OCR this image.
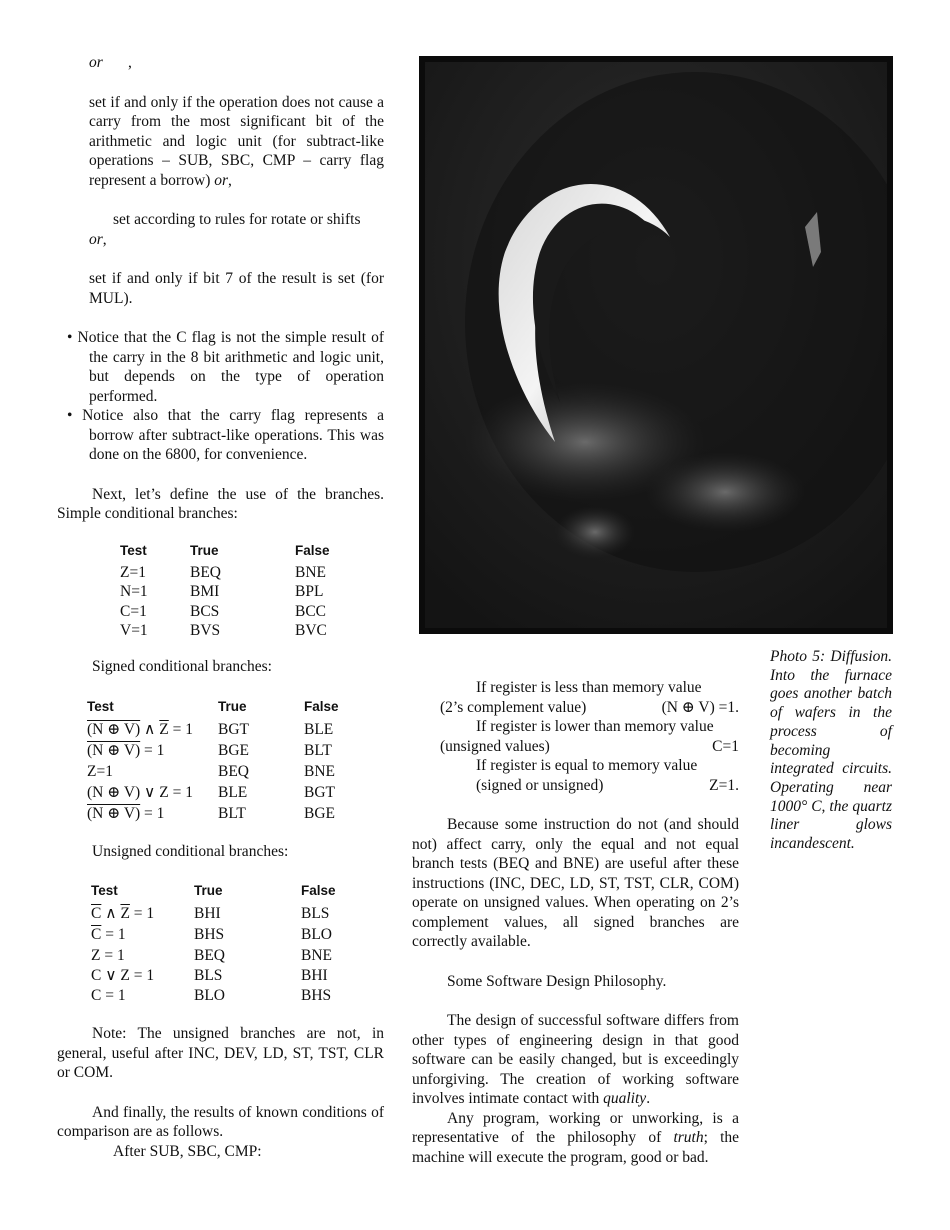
or	,

set if and only if the operation does not cause a carry from the most significant bit of the arithmetic and logic unit (for subtract-like operations – SUB, SBC, CMP – carry flag represent a borrow) or,

set according to rules for rotate or shifts
or,

set if and only if bit 7 of the result is set (for MUL).

• Notice that the C flag is not the simple result of the carry in the 8 bit arithmetic and logic unit, but depends on the type of operation performed.

• Notice also that the carry flag represents a borrow after subtract-like operations. This was done on the 6800, for convenience.

Next, let’s define the use of the branches. Simple conditional branches:

Test	True	False
Z=1	BEQ	BNE
N=1	BMI	BPL
C=1	BCS	BCC
V=1	BVS	BVC

Signed conditional branches:

Test	True	False
(N ⊕ V) ∧ $\overline{Z} = 1$	BGT	BLE
(N ⊕ V) = 1	BGE	BLT
Z=1	BEQ	BNE
(N ⊕ V) ∨ Z = 1	BLE	BGT
(N ⊕ V) = 1	BLT	BGE

Unsigned conditional branches:

Test	True	False
$\overline{C}$ ∧ $\overline{Z} = 1$	BHI	BLS
$\overline{C} = 1$	BHS	BLO
Z = 1	BEQ	BNE
C ∨ Z = 1	BLS	BHI
C = 1	BLO	BHS

Note: The unsigned branches are not, in general, useful after INC, DEV, LD, ST, TST, CLR or COM.

And finally, the results of known conditions of comparison are as follows.

After SUB, SBC, CMP:

Photo 5: Diffusion. Into the furnace goes another batch of wafers in the process of becoming integrated circuits. Operating near 1000° C, the quartz liner glows incandescent.

If register is less than memory value

(2’s complement value)	(N ⊕ V) =1.

If register is lower than memory value

(unsigned values)	C=1

If register is equal to memory value

(signed or unsigned)	Z=1.

Because some instruction do not (and should not) affect carry, only the equal and not equal branch tests (BEQ and BNE) are useful after these instructions (INC, DEC, LD, ST, TST, CLR, COM) operate on unsigned values. When operating on 2’s complement values, all signed branches are correctly available.

Some Software Design Philosophy.

The design of successful software differs from other types of engineering design in that good software can be easily changed, but is exceedingly unforgiving. The creation of working software involves intimate contact with quality.

Any program, working or unworking, is a representative of the philosophy of truth; the machine will execute the program, good or bad.
